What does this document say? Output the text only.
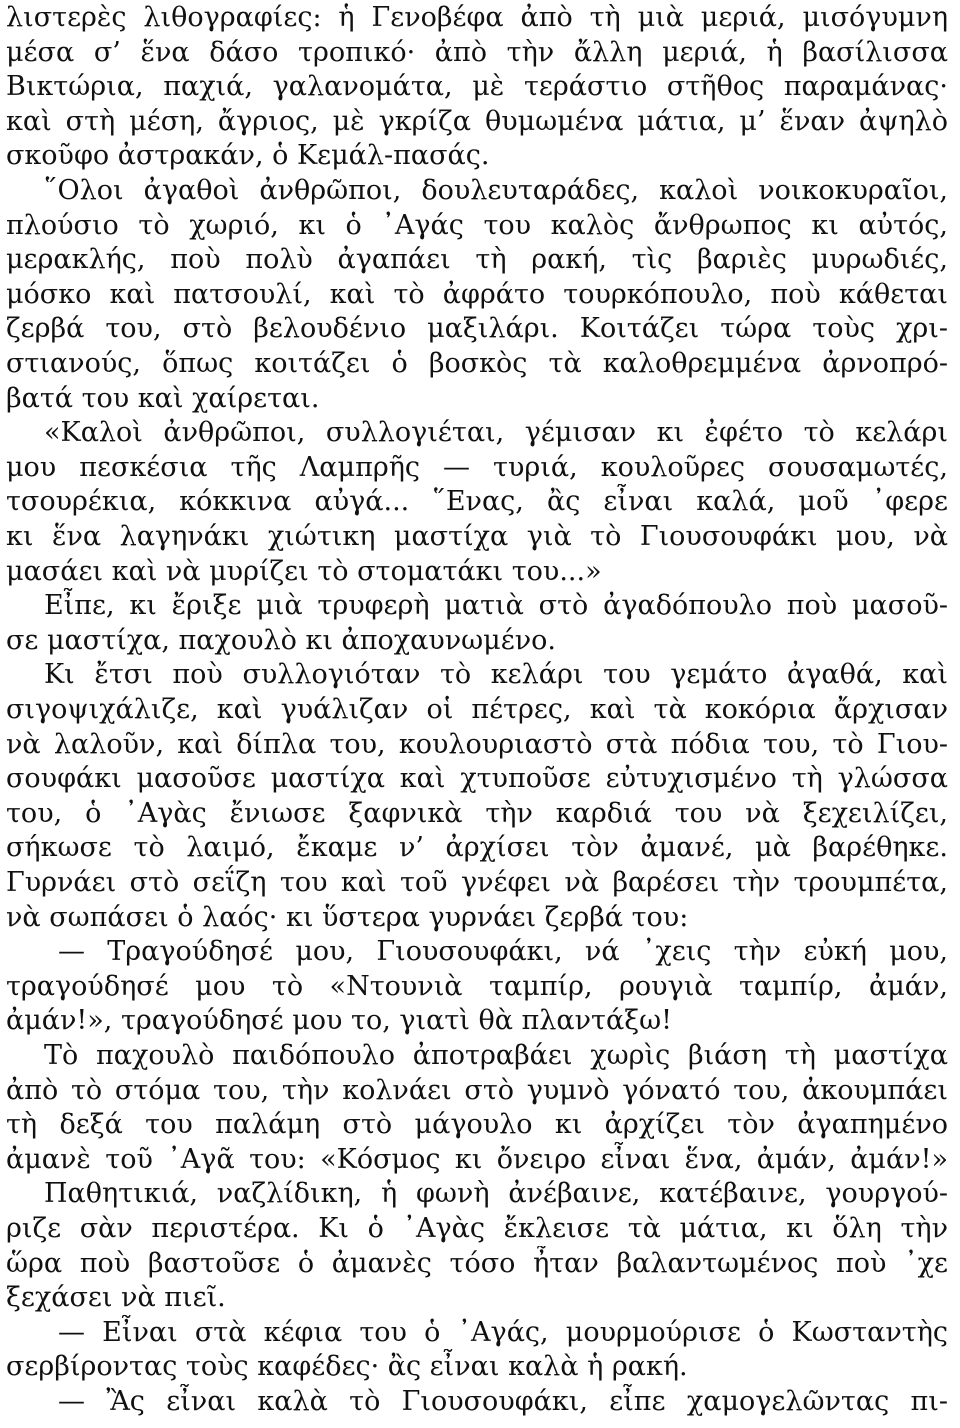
λιστερὲς λιθογραφίες: ἡ Γενοβέφα ἀπὸ τὴ μιὰ μεριά, μισόγυμνη
μέσα σ’ ἕνα δάσο τροπικό· ἀπὸ τὴν ἄλλη μεριά, ἡ βασίλισσα
Βικτώρια, παχιά, γαλανομάτα, μὲ τεράστιο στῆθος παραμάνας·
καὶ στὴ μέση, ἄγριος, μὲ γκρίζα θυμωμένα μάτια, μ’ ἕναν ἀψηλὸ
σκοῦφο ἀστρακάν, ὁ Κεμάλ-πασάς.
῞Ολοι ἀγαθοὶ ἀνθρῶποι, δουλευταράδες, καλοὶ νοικοκυραῖοι,
πλούσιο τὸ χωριό, κι ὁ ᾿Αγάς του καλὸς ἄνθρωπος κι αὐτός,
μερακλής, ποὺ πολὺ ἀγαπάει τὴ ρακή, τὶς βαριὲς μυρωδιές,
μόσκο καὶ πατσουλί, καὶ τὸ ἀφράτο τουρκόπουλο, ποὺ κάθεται
ζερβά του, στὸ βελουδένιο μαξιλάρι. Κοιτάζει τώρα τοὺς χρι-
στιανούς, ὅπως κοιτάζει ὁ βοσκὸς τὰ καλοθρεμμένα ἀρνοπρό-
βατά του καὶ χαίρεται.
«Καλοὶ ἀνθρῶποι, συλλογιέται, γέμισαν κι ἐφέτο τὸ κελάρι
μου πεσκέσια τῆς Λαμπρῆς — τυριά, κουλοῦρες σουσαμωτές,
τσουρέκια, κόκκινα αὐγά... ῞Ενας, ἂς εἶναι καλά, μοῦ ᾿φερε
κι ἕνα λαγηνάκι χιώτικη μαστίχα γιὰ τὸ Γιουσουφάκι μου, νὰ
μασάει καὶ νὰ μυρίζει τὸ στοματάκι του...»
Εἶπε, κι ἔριξε μιὰ τρυφερὴ ματιὰ στὸ ἀγαδόπουλο ποὺ μασοῦ-
σε μαστίχα, παχουλὸ κι ἀποχαυνωμένο.
Κι ἔτσι ποὺ συλλογιόταν τὸ κελάρι του γεμάτο ἀγαθά, καὶ
σιγοψιχάλιζε, καὶ γυάλιζαν οἱ πέτρες, καὶ τὰ κοκόρια ἄρχισαν
νὰ λαλοῦν, καὶ δίπλα του, κουλουριαστὸ στὰ πόδια του, τὸ Γιου-
σουφάκι μασοῦσε μαστίχα καὶ χτυποῦσε εὐτυχισμένο τὴ γλώσσα
του, ὁ ᾿Αγὰς ἔνιωσε ξαφνικὰ τὴν καρδιά του νὰ ξεχειλίζει,
σήκωσε τὸ λαιμό, ἔκαμε ν’ ἀρχίσει τὸν ἀμανέ, μὰ βαρέθηκε.
Γυρνάει στὸ σεΐζη του καὶ τοῦ γνέφει νὰ βαρέσει τὴν τρουμπέτα,
νὰ σωπάσει ὁ λαός· κι ὕστερα γυρνάει ζερβά του:
— Τραγούδησέ μου, Γιουσουφάκι, νά ᾿χεις τὴν εὐκή μου,
τραγούδησέ μου τὸ «Ντουνιὰ ταμπίρ, ρουγιὰ ταμπίρ, ἀμάν,
ἀμάν!», τραγούδησέ μου το, γιατὶ θὰ πλαντάξω!
Τὸ παχουλὸ παιδόπουλο ἀποτραβάει χωρὶς βιάση τὴ μαστίχα
ἀπὸ τὸ στόμα του, τὴν κολνάει στὸ γυμνὸ γόνατό του, ἀκουμπάει
τὴ δεξά του παλάμη στὸ μάγουλο κι ἀρχίζει τὸν ἀγαπημένο
ἀμανὲ τοῦ ᾿Αγᾶ του: «Κόσμος κι ὄνειρο εἶναι ἕνα, ἀμάν, ἀμάν!»
Παθητικιά, ναζλίδικη, ἡ φωνὴ ἀνέβαινε, κατέβαινε, γουργού-
ριζε σὰν περιστέρα. Κι ὁ ᾿Αγὰς ἔκλεισε τὰ μάτια, κι ὅλη τὴν
ὥρα ποὺ βαστοῦσε ὁ ἀμανὲς τόσο ἦταν βαλαντωμένος ποὺ ᾿χε
ξεχάσει νὰ πιεῖ.
— Εἶναι στὰ κέφια του ὁ ᾿Αγάς, μουρμούρισε ὁ Κωσταντὴς
σερβίροντας τοὺς καφέδες· ἂς εἶναι καλὰ ἡ ρακή.
— Ἂς εἶναι καλὰ τὸ Γιουσουφάκι, εἶπε χαμογελῶντας πι-
